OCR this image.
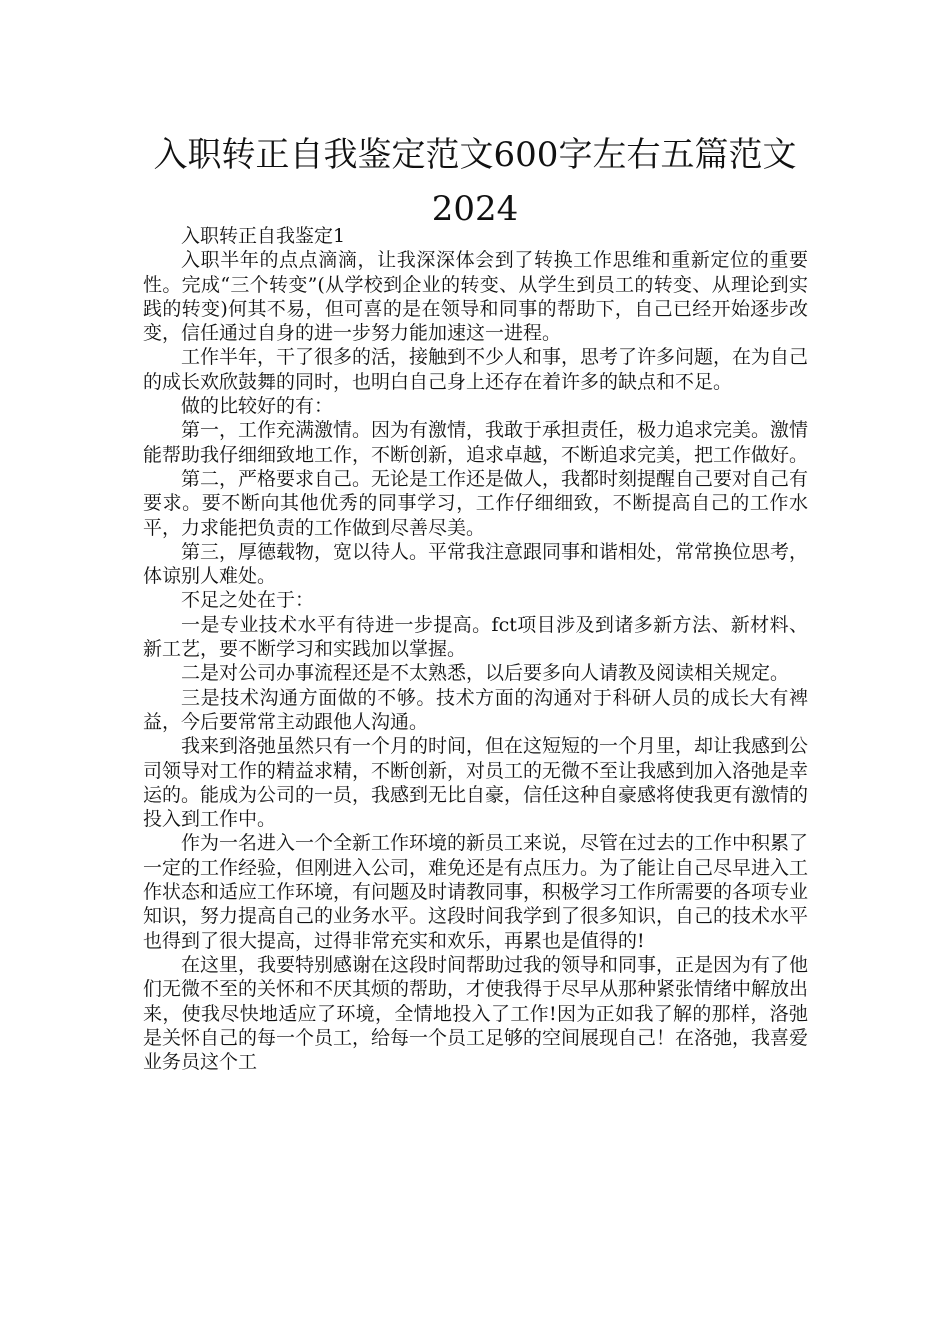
入职转正自我鉴定范文600字左右五篇范文2024

入职转正自我鉴定1

入职半年的点点滴滴，让我深深体会到了转换工作思维和重新定位的重要性。完成“三个转变”(从学校到企业的转变、从学生到员工的转变、从理论到实践的转变)何其不易，但可喜的是在领导和同事的帮助下，自己已经开始逐步改变，信任通过自身的进一步努力能加速这一进程。

工作半年，干了很多的活，接触到不少人和事，思考了许多问题，在为自己的成长欢欣鼓舞的同时，也明白自己身上还存在着许多的缺点和不足。

做的比较好的有：

第一，工作充满激情。因为有激情，我敢于承担责任，极力追求完美。激情能帮助我仔细细致地工作，不断创新，追求卓越，不断追求完美，把工作做好。

第二，严格要求自己。无论是工作还是做人，我都时刻提醒自己要对自己有要求。要不断向其他优秀的同事学习，工作仔细细致，不断提高自己的工作水平，力求能把负责的工作做到尽善尽美。

第三，厚德载物，宽以待人。平常我注意跟同事和谐相处，常常换位思考，体谅别人难处。

不足之处在于：

一是专业技术水平有待进一步提高。fct项目涉及到诸多新方法、新材料、新工艺，要不断学习和实践加以掌握。

二是对公司办事流程还是不太熟悉，以后要多向人请教及阅读相关规定。

三是技术沟通方面做的不够。技术方面的沟通对于科研人员的成长大有裨益，今后要常常主动跟他人沟通。

我来到洛弛虽然只有一个月的时间，但在这短短的一个月里，却让我感到公司领导对工作的精益求精，不断创新，对员工的无微不至让我感到加入洛弛是幸运的。能成为公司的一员，我感到无比自豪，信任这种自豪感将使我更有激情的投入到工作中。

作为一名进入一个全新工作环境的新员工来说，尽管在过去的工作中积累了一定的工作经验，但刚进入公司，难免还是有点压力。为了能让自己尽早进入工作状态和适应工作环境，有问题及时请教同事，积极学习工作所需要的各项专业知识，努力提高自己的业务水平。这段时间我学到了很多知识，自己的技术水平也得到了很大提高，过得非常充实和欢乐，再累也是值得的!

在这里，我要特别感谢在这段时间帮助过我的领导和同事，正是因为有了他们无微不至的关怀和不厌其烦的帮助，才使我得于尽早从那种紧张情绪中解放出来，使我尽快地适应了环境，全情地投入了工作!因为正如我了解的那样，洛弛是关怀自己的每一个员工，给每一个员工足够的空间展现自己！在洛弛，我喜爱业务员这个工
